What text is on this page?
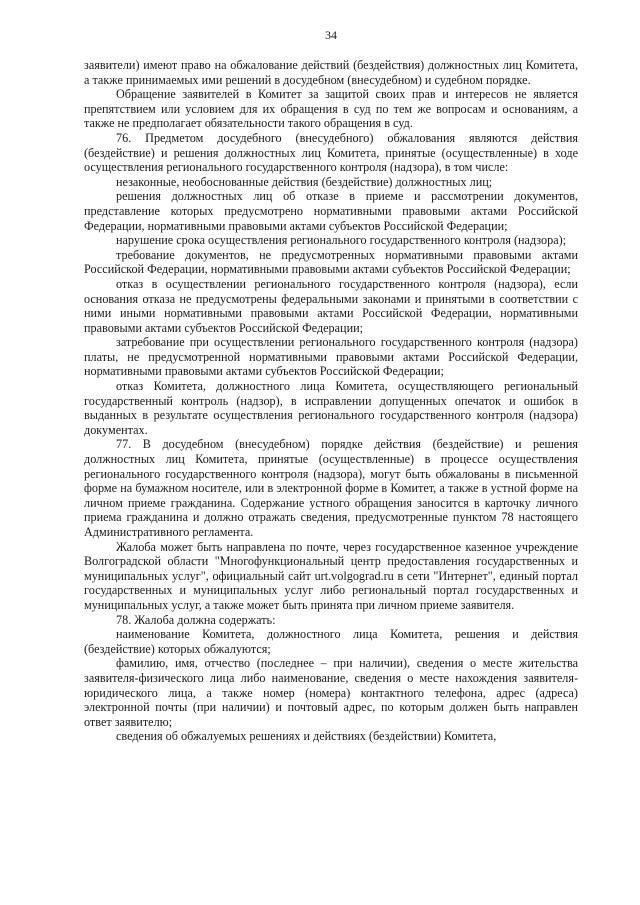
34

заявители) имеют право на обжалование действий (бездействия) должностных лиц Комитета, а также принимаемых ими решений в досудебном (внесудебном) и судебном порядке.

Обращение заявителей в Комитет за защитой своих прав и интересов не является препятствием или условием для их обращения в суд по тем же вопросам и основаниям, а также не предполагает обязательности такого обращения в суд.

76. Предметом досудебного (внесудебного) обжалования являются действия (бездействие) и решения должностных лиц Комитета, принятые (осуществленные) в ходе осуществления регионального государственного контроля (надзора), в том числе:

незаконные, необоснованные действия (бездействие) должностных лиц;

решения должностных лиц об отказе в приеме и рассмотрении документов, представление которых предусмотрено нормативными правовыми актами Российской Федерации, нормативными правовыми актами субъектов Российской Федерации;

нарушение срока осуществления регионального государственного контроля (надзора);

требование документов, не предусмотренных нормативными правовыми актами Российской Федерации, нормативными правовыми актами субъектов Российской Федерации;

отказ в осуществлении регионального государственного контроля (надзора), если основания отказа не предусмотрены федеральными законами и принятыми в соответствии с ними иными нормативными правовыми актами Российской Федерации, нормативными правовыми актами субъектов Российской Федерации;

затребование при осуществлении регионального государственного контроля (надзора) платы, не предусмотренной нормативными правовыми актами Российской Федерации, нормативными правовыми актами субъектов Российской Федерации;

отказ Комитета, должностного лица Комитета, осуществляющего региональный государственный контроль (надзор), в исправлении допущенных опечаток и ошибок в выданных в результате осуществления регионального государственного контроля (надзора) документах.

77. В досудебном (внесудебном) порядке действия (бездействие) и решения должностных лиц Комитета, принятые (осуществленные) в процессе осуществления регионального государственного контроля (надзора), могут быть обжалованы в письменной форме на бумажном носителе, или в электронной форме в Комитет, а также в устной форме на личном приеме гражданина. Содержание устного обращения заносится в карточку личного приема гражданина и должно отражать сведения, предусмотренные пунктом 78 настоящего Административного регламента.

Жалоба может быть направлена по почте, через государственное казенное учреждение Волгоградской области "Многофункциональный центр предоставления государственных и муниципальных услуг", официальный сайт urt.volgograd.ru в сети "Интернет", единый портал государственных и муниципальных услуг либо региональный портал государственных и муниципальных услуг, а также может быть принята при личном приеме заявителя.

78. Жалоба должна содержать:

наименование Комитета, должностного лица Комитета, решения и действия (бездействие) которых обжалуются;

фамилию, имя, отчество (последнее – при наличии), сведения о месте жительства заявителя-физического лица либо наименование, сведения о месте нахождения заявителя-юридического лица, а также номер (номера) контактного телефона, адрес (адреса) электронной почты (при наличии) и почтовый адрес, по которым должен быть направлен ответ заявителю;

сведения об обжалуемых решениях и действиях (бездействии) Комитета,
